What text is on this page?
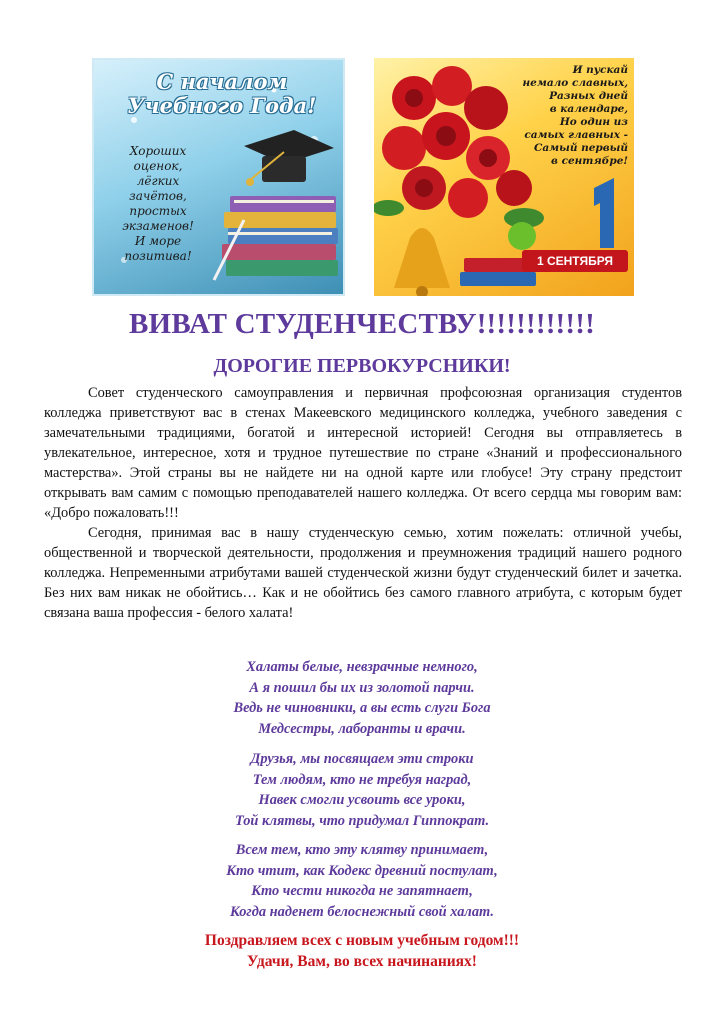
С началом Учебного Года!
Хороших
оценок,
лёгких
зачётов,
простых
экзаменов!
И море
позитива!
И пускай
немало славных,
Разных дней
в календаре,
Но один из
самых главных -
Самый первый
в сентябре!
1 СЕНТЯБРЯ
ВИВАТ СТУДЕНЧЕСТВУ!!!!!!!!!!!!
ДОРОГИЕ ПЕРВОКУРСНИКИ!

Совет студенческого самоуправления и первичная профсоюзная организация студентов колледжа приветствуют вас в стенах Макеевского медицинского колледжа, учебного заведения с замечательными традициями, богатой и интересной историей! Сегодня вы отправляетесь в увлекательное, интересное, хотя и трудное путешествие по стране «Знаний и профессионального мастерства». Этой страны вы не найдете ни на одной карте или глобусе! Эту страну предстоит открывать вам самим с помощью преподавателей нашего колледжа. От всего сердца мы говорим вам: «Добро пожаловать!!!

Сегодня, принимая вас в нашу студенческую семью, хотим пожелать: отличной учебы, общественной и творческой деятельности, продолжения и преумножения традиций нашего родного колледжа. Непременными атрибутами вашей студенческой жизни будут студенческий билет и зачетка. Без них вам никак не обойтись… Как и не обойтись без самого главного атрибута, с которым будет связана ваша профессия - белого халата!

Халаты белые, невзрачные немного,
А я пошил бы их из золотой парчи.
Ведь не чиновники, а вы есть слуги Бога
Медсестры, лаборанты и врачи.
Друзья, мы посвящаем эти строки
Тем людям, кто не требуя наград,
Навек смогли усвоить все уроки,
Той клятвы, что придумал Гиппократ.
Всем тем, кто эту клятву принимает,
Кто чтит, как Кодекс древний постулат,
Кто чести никогда не запятнает,
Когда наденет белоснежный свой халат.
Поздравляем всех с новым учебным годом!!!
Удачи, Вам, во всех начинаниях!
